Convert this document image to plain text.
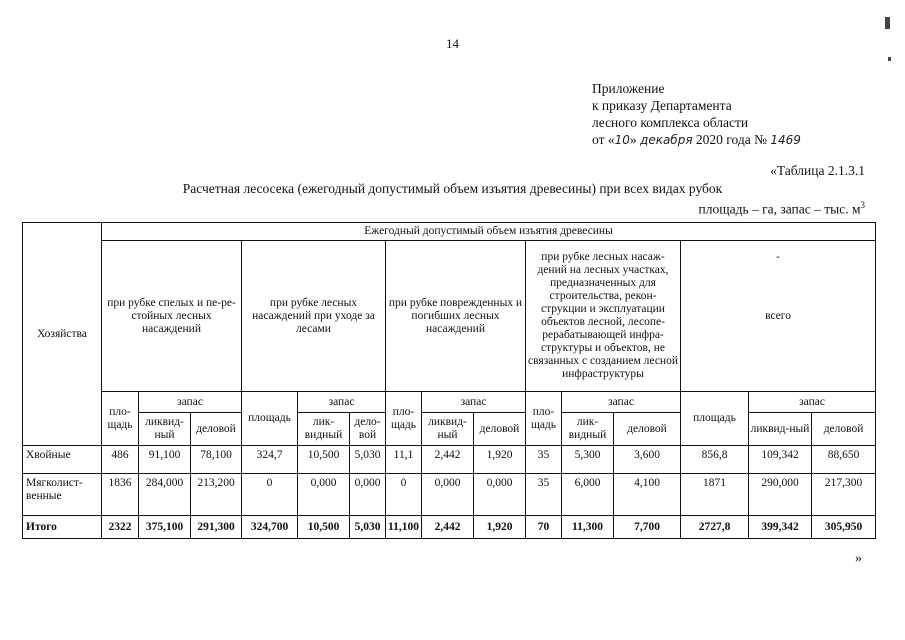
14
Приложение
к приказу Департамента
лесного комплекса области
от «10» декабря 2020 года № 1469
«Таблица 2.1.3.1
Расчетная лесосека (ежегодный допустимый объем изъятия древесины) при всех видах рубок
площадь – га, запас – тыс. $м^3$
Хозяйства	Ежегодный допустимый объем изъятия древесины														
	при рубке спелых и пе-рестойных лесных насаждений			при рубке лесных насаждений при уходе за лесами			при рубке поврежденных и погибших лесных насаждений			при рубке лесных насаж-дений на лесных участках, предназначенных для строительства, рекон-струкции и эксплуатации объектов лесной, лесопе-рерабатывающей инфра-структуры и объектов, не связанных с созданием лесной инфраструктуры			-
всего		
	пло-щадь	запас		площадь	запас		пло-щадь	запас		пло-щадь	запас		площадь	запас	
		ликвид-ный	деловой		лик-видный	дело-вой		ликвид-ный	деловой		лик-видный	деловой		ликвид-ный	деловой
Хвойные	486	91,100	78,100	324,7	10,500	5,030	11,1	2,442	1,920	35	5,300	3,600	856,8	109,342	88,650
Мягколист-венные	1836	284,000	213,200	0	0,000	0,000	0	0,000	0,000	35	6,000	4,100	1871	290,000	217,300
Итого	2322	375,100	291,300	324,700	10,500	5,030	11,100	2,442	1,920	70	11,300	7,700	2727,8	399,342	305,950
»
